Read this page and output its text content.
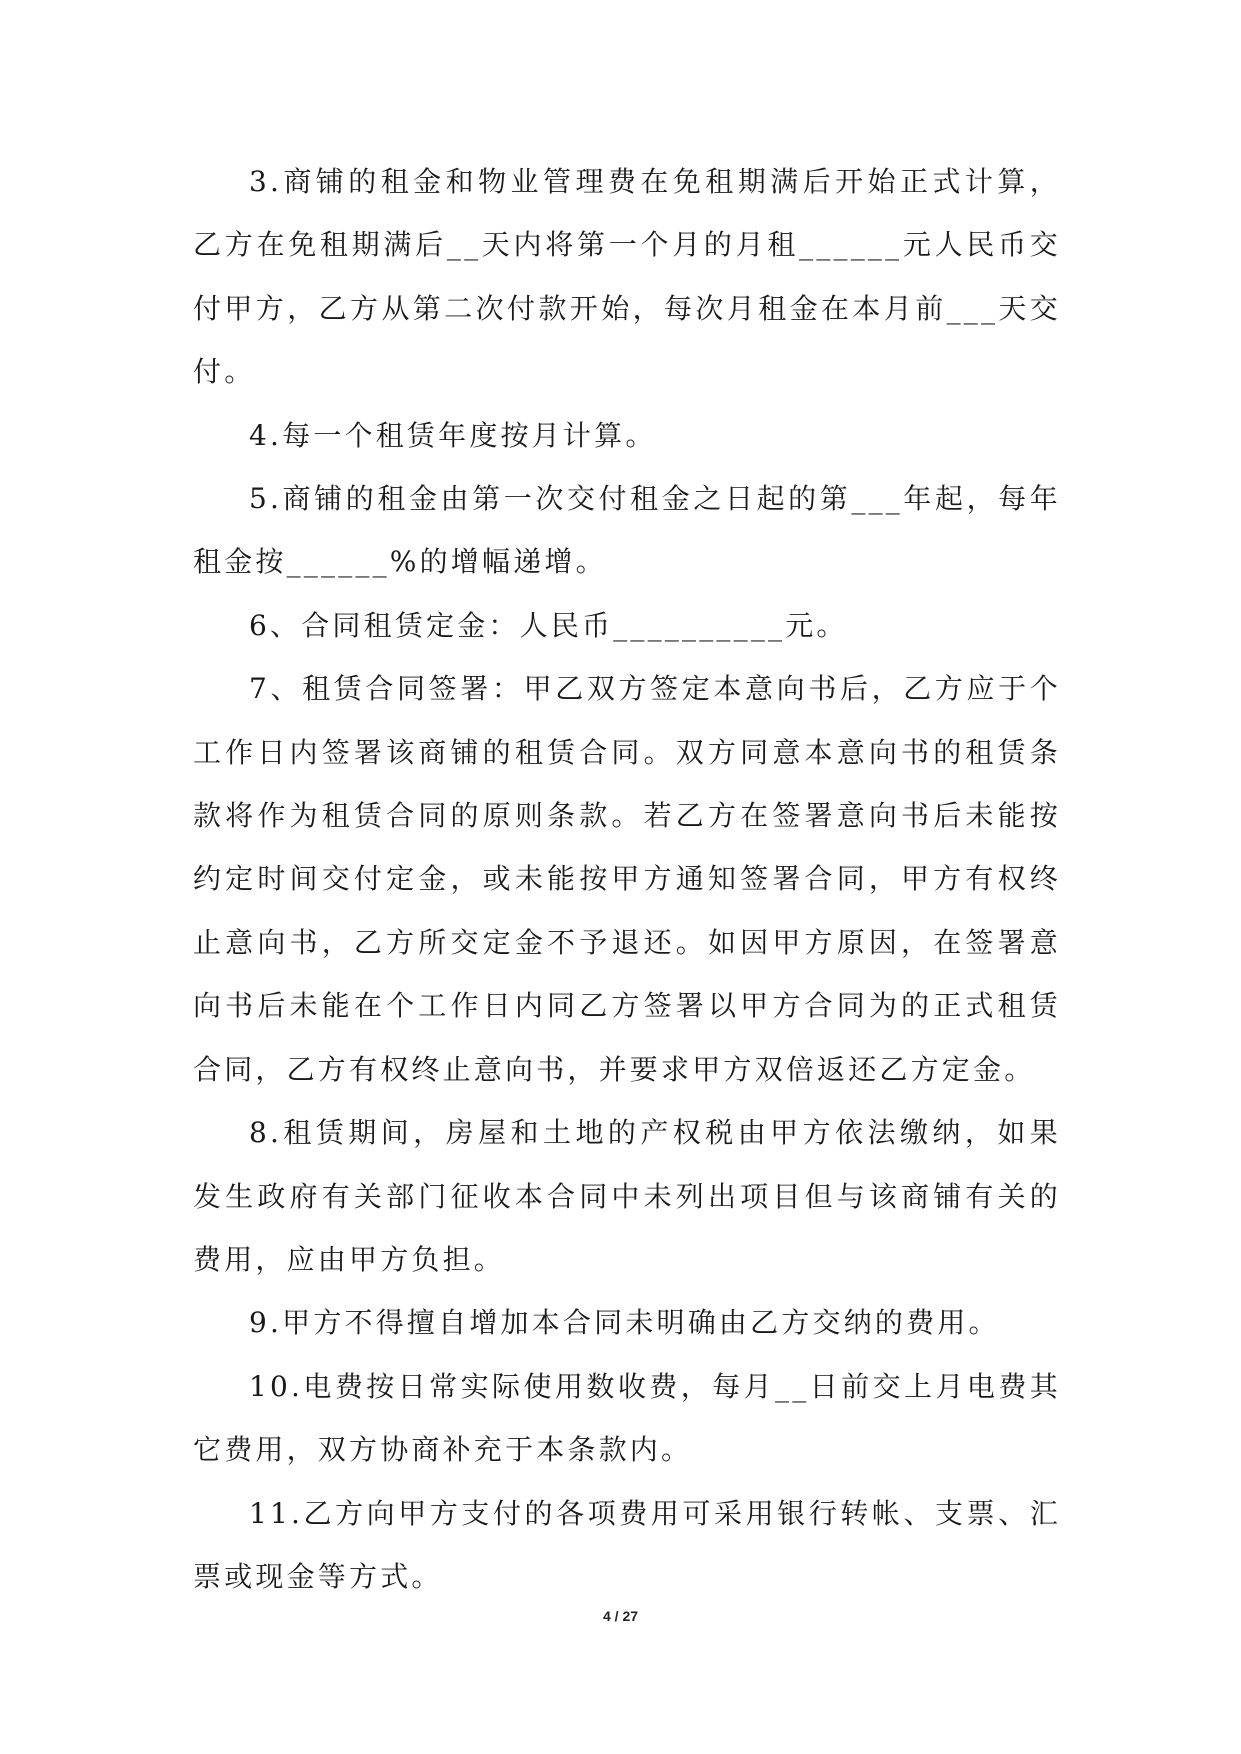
3.商铺的租金和物业管理费在免租期满后开始正式计算，乙方在免租期满后__天内将第一个月的月租______元人民币交付甲方，乙方从第二次付款开始，每次月租金在本月前___天交付。

4.每一个租赁年度按月计算。

5.商铺的租金由第一次交付租金之日起的第___年起，每年租金按______%的增幅递增。

6、合同租赁定金：人民币__________元。

7、租赁合同签署：甲乙双方签定本意向书后，乙方应于个工作日内签署该商铺的租赁合同。双方同意本意向书的租赁条款将作为租赁合同的原则条款。若乙方在签署意向书后未能按约定时间交付定金，或未能按甲方通知签署合同，甲方有权终止意向书，乙方所交定金不予退还。如因甲方原因，在签署意向书后未能在个工作日内同乙方签署以甲方合同为的正式租赁合同，乙方有权终止意向书，并要求甲方双倍返还乙方定金。

8.租赁期间，房屋和土地的产权税由甲方依法缴纳，如果发生政府有关部门征收本合同中未列出项目但与该商铺有关的费用，应由甲方负担。

9.甲方不得擅自增加本合同未明确由乙方交纳的费用。

10.电费按日常实际使用数收费，每月__日前交上月电费其它费用，双方协商补充于本条款内。

11.乙方向甲方支付的各项费用可采用银行转帐、支票、汇票或现金等方式。

4 / 27
